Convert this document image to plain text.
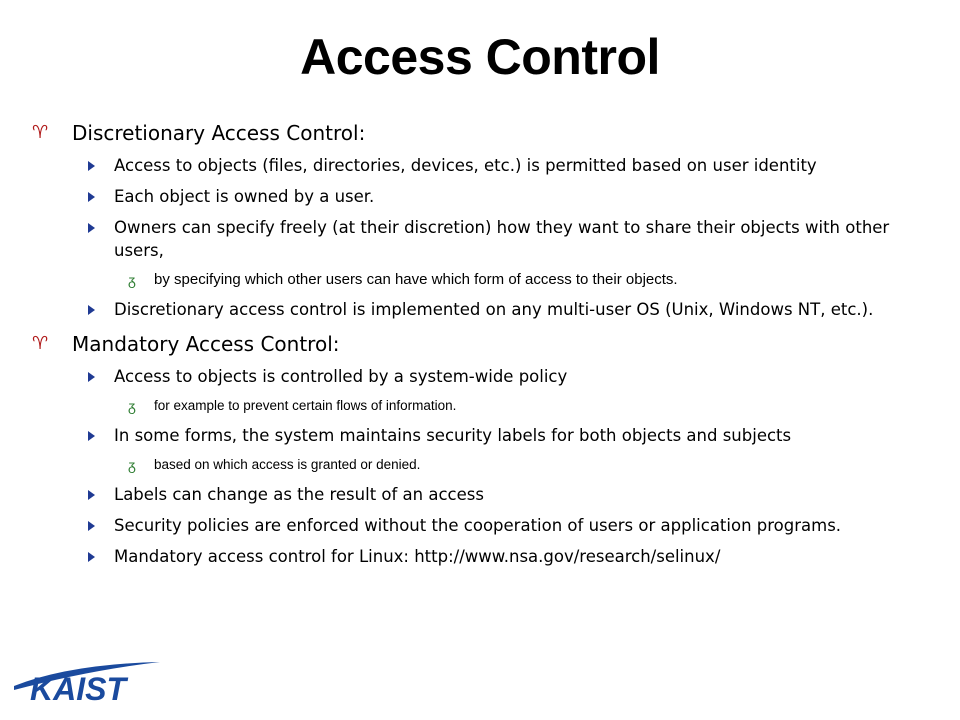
Access Control
♈ Discretionary Access Control:
Access to objects (files, directories, devices, etc.) is permitted based on user identity
Each object is owned by a user.
Owners can specify freely (at their discretion) how they want to share their objects with other users,
ᵹ by specifying which other users can have which form of access to their objects.
Discretionary access control is implemented on any multi-user OS (Unix, Windows NT, etc.).
♈ Mandatory Access Control:
Access to objects is controlled by a system-wide policy
ᵹ for example to prevent certain flows of information.
In some forms, the system maintains security labels for both objects and subjects
ᵹ based on which access is granted or denied.
Labels can change as the result of an access
Security policies are enforced without the cooperation of users or application programs.
Mandatory access control for Linux: http://www.nsa.gov/research/selinux/
KAIST
